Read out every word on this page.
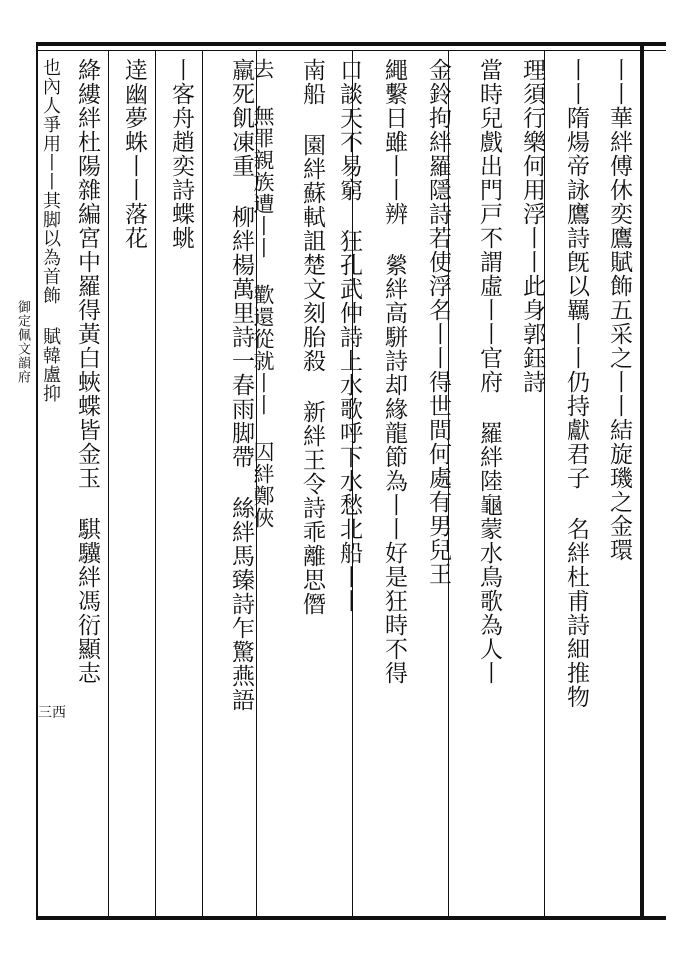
丨丨華絆傅休奕鷹賦飾五采之丨丨結旋璣之金環
丨丨隋煬帝詠鷹詩旣以羈丨丨仍持獻君子 名絆杜甫詩細推物
理須行樂何用浮丨丨此身郭鈺詩
當時兒戲出門戸不謂虛丨丨官府 羅絆陸龜蒙水鳥歌為人丨
金鈴拘絆羅隱詩若使浮名丨丨得世間何處有男兒王
繩繫日雖丨丨辨 縈絆高駢詩却緣龍節為丨丨好是狂時不得
口談天不易窮 狂孔武仲詩上水歌呼下水愁北船丨丨
南船 園絆蘇軾詛楚文刻胎殺 新絆王令詩乖離思僭
去 無罪親族遭丨丨 歡還從就丨丨 囚絆鄭俠
羸死飢凍重 柳絆楊萬里詩一春雨脚帶 絲絆馬臻詩乍驚燕語
丨客舟趙奕詩蝶䖴
逹幽夢蛛丨丨落花
絳縷絆杜陽雜編宮中羅得黃白蛺蝶皆金玉 騏驥絆馮衍顯志
也內人爭用丨丨其脚以為首飾 賦韓盧抑
御定佩文韻府
三西
